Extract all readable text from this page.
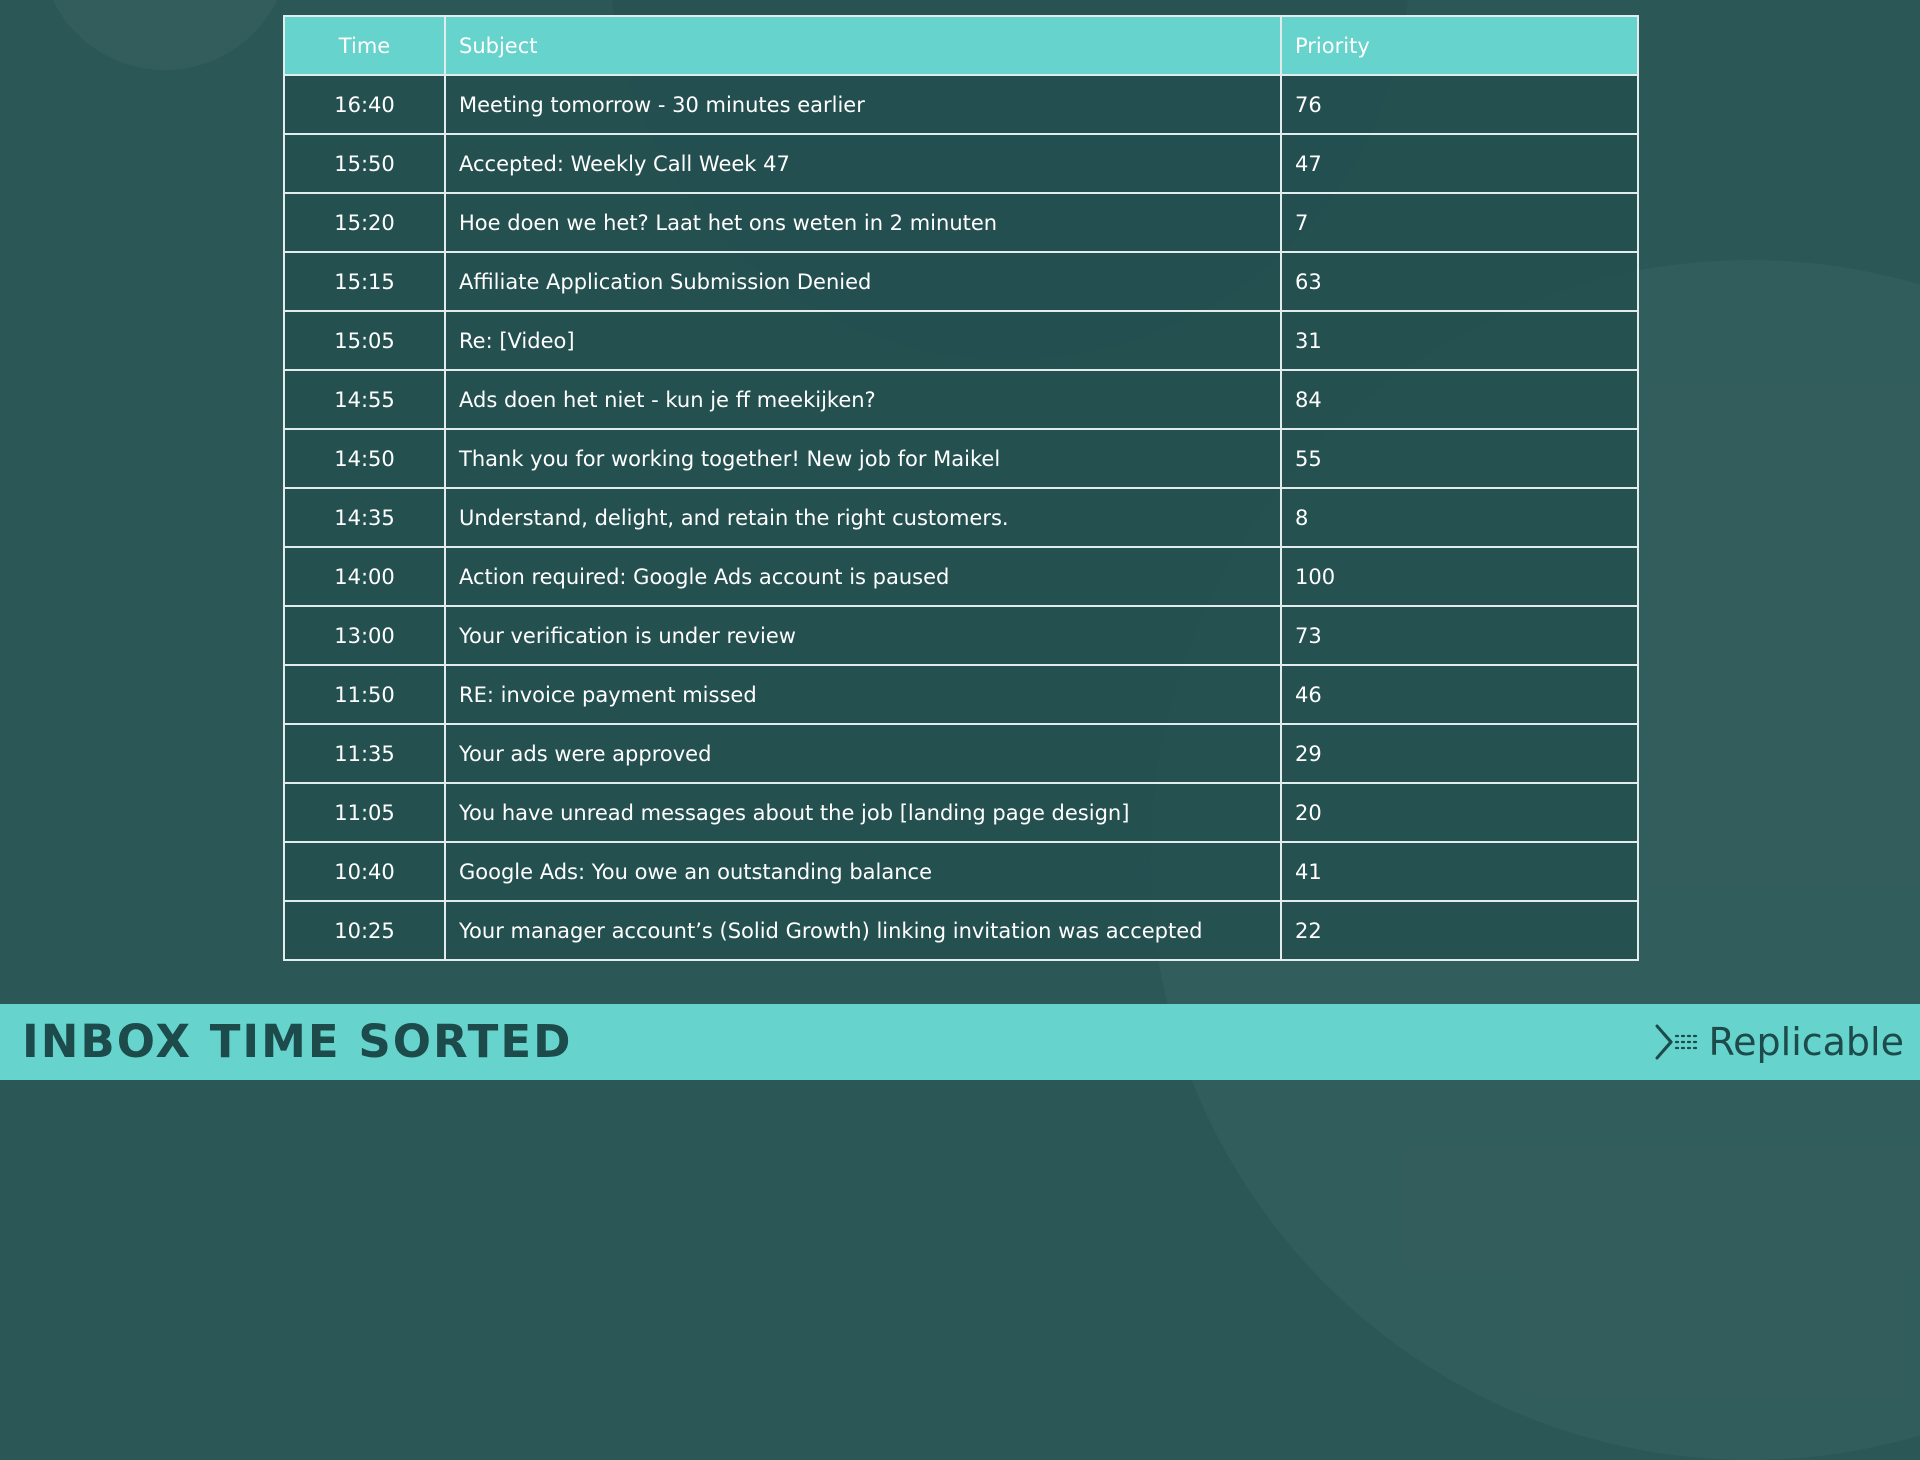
Time	Subject	Priority
16:40	Meeting tomorrow - 30 minutes earlier	76
15:50	Accepted: Weekly Call Week 47	47
15:20	Hoe doen we het? Laat het ons weten in 2 minuten	7
15:15	Affiliate Application Submission Denied	63
15:05	Re: [Video]	31
14:55	Ads doen het niet - kun je ff meekijken?	84
14:50	Thank you for working together! New job for Maikel	55
14:35	Understand, delight, and retain the right customers.	8
14:00	Action required: Google Ads account is paused	100
13:00	Your verification is under review	73
11:50	RE: invoice payment missed	46
11:35	Your ads were approved	29
11:05	You have unread messages about the job [landing page design]	20
10:40	Google Ads: You owe an outstanding balance	41
10:25	Your manager account’s (Solid Growth) linking invitation was accepted	22
INBOX TIME SORTED	Replicable
